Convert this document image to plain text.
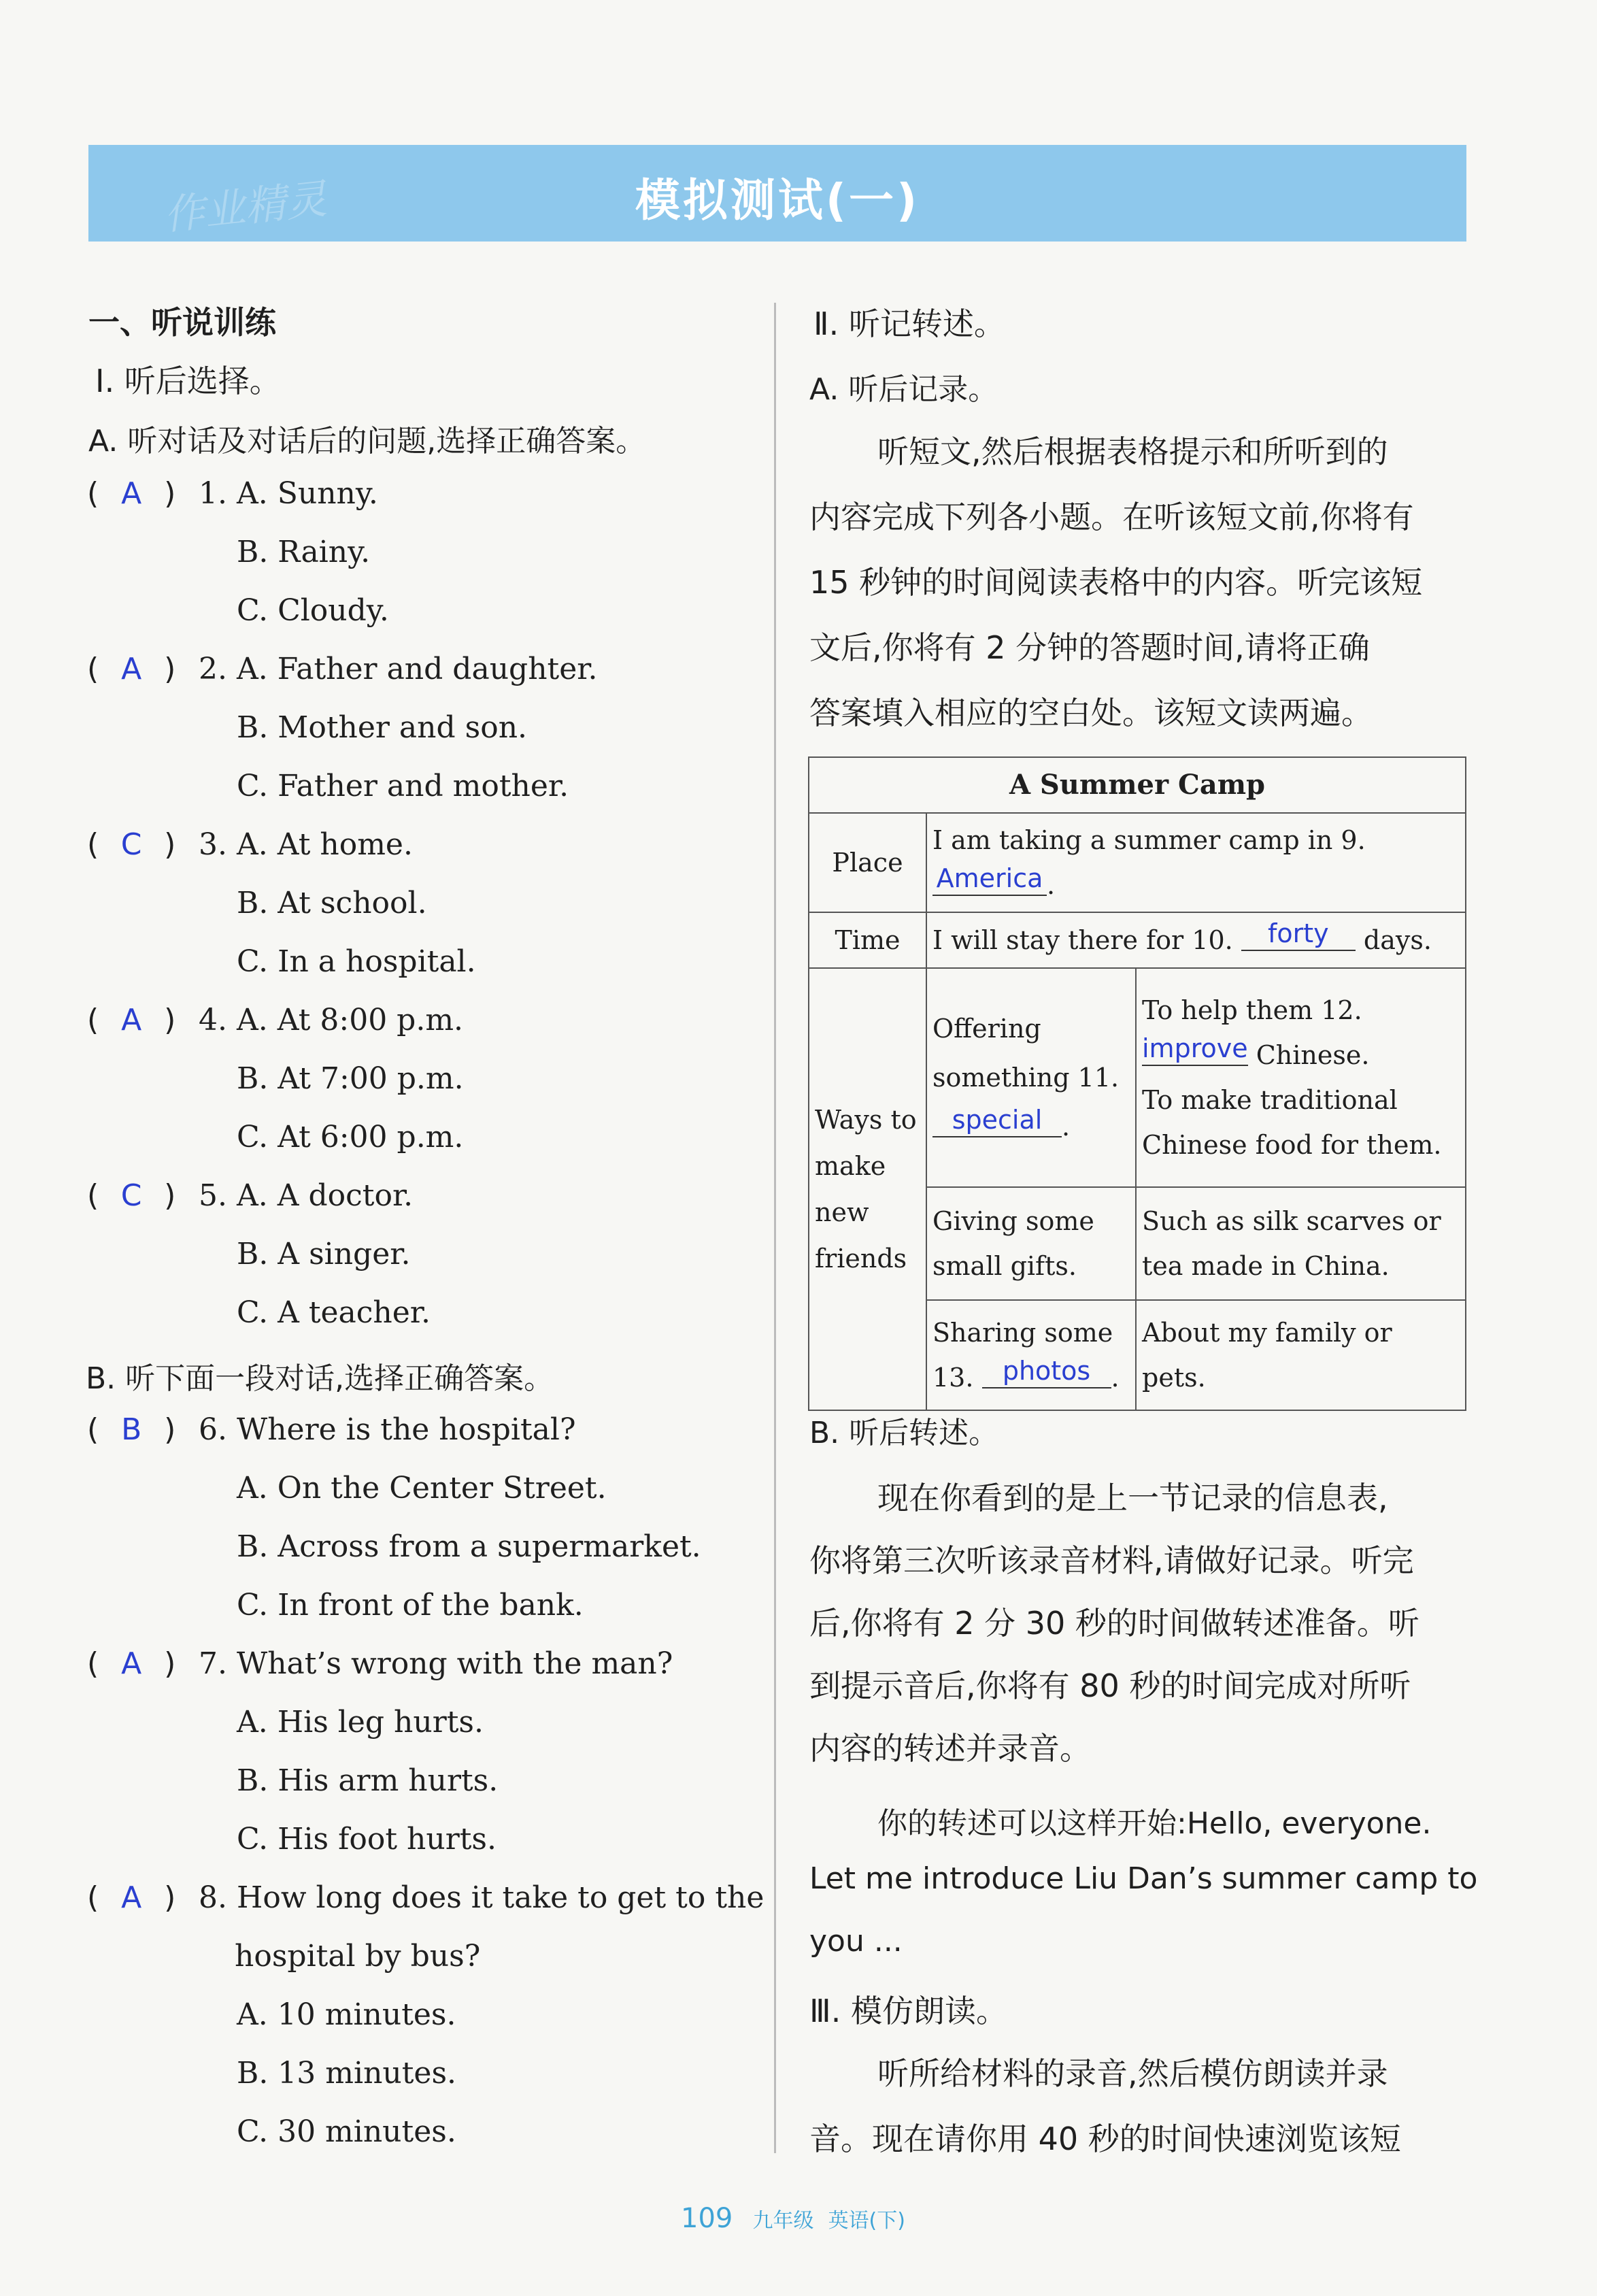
作业精灵	模拟测试(一)
一、听说训练
Ⅰ. 听后选择。
A. 听对话及对话后的问题,选择正确答案。
B. 听下面一段对话,选择正确答案。
( A ) 1. A. Sunny.
B. Rainy.
C. Cloudy.
( A ) 2. A. Father and daughter.
B. Mother and son.
C. Father and mother.
( C ) 3. A. At home.
B. At school.
C. In a hospital.
( A ) 4. A. At 8:00 p.m.
B. At 7:00 p.m.
C. At 6:00 p.m.
( C ) 5. A. A doctor.
B. A singer.
C. A teacher.
( B ) 6. Where is the hospital?
A. On the Center Street.
B. Across from a supermarket.
C. In front of the bank.
( A ) 7. What’s wrong with the man?
A. His leg hurts.
B. His arm hurts.
C. His foot hurts.
( A ) 8. How long does it take to get to the
hospital by bus?
A. 10 minutes.
B. 13 minutes.
C. 30 minutes.
Ⅱ. 听记转述。
A. 听后记录。
B. 听后转述。
Ⅲ. 模仿朗读。
听短文,然后根据表格提示和所听到的
内容完成下列各小题。在听该短文前,你将有
15 秒钟的时间阅读表格中的内容。听完该短
文后,你将有 2 分钟的答题时间,请将正确
答案填入相应的空白处。该短文读两遍。
现在你看到的是上一节记录的信息表,
你将第三次听该录音材料,请做好记录。听完
后,你将有 2 分 30 秒的时间做转述准备。听
到提示音后,你将有 80 秒的时间完成对所听
内容的转述并录音。
你的转述可以这样开始:Hello, everyone.
Let me introduce Liu Dan’s summer camp to
you ...
听所给材料的录音,然后模仿朗读并录
音。现在请你用 40 秒的时间快速浏览该短
A Summer Camp		
Place	I am taking a summer camp in 9. America .	
Time	I will stay there for 10. forty days.	
Ways to make new friends	Offering something 11. special .	To help them 12. improve Chinese.
To make traditional Chinese food for them.

	Giving some small gifts.	Such as silk scarves or tea made in China.
	Sharing some 13. photos .	About my family or pets.
109 九年级 英语(下)
